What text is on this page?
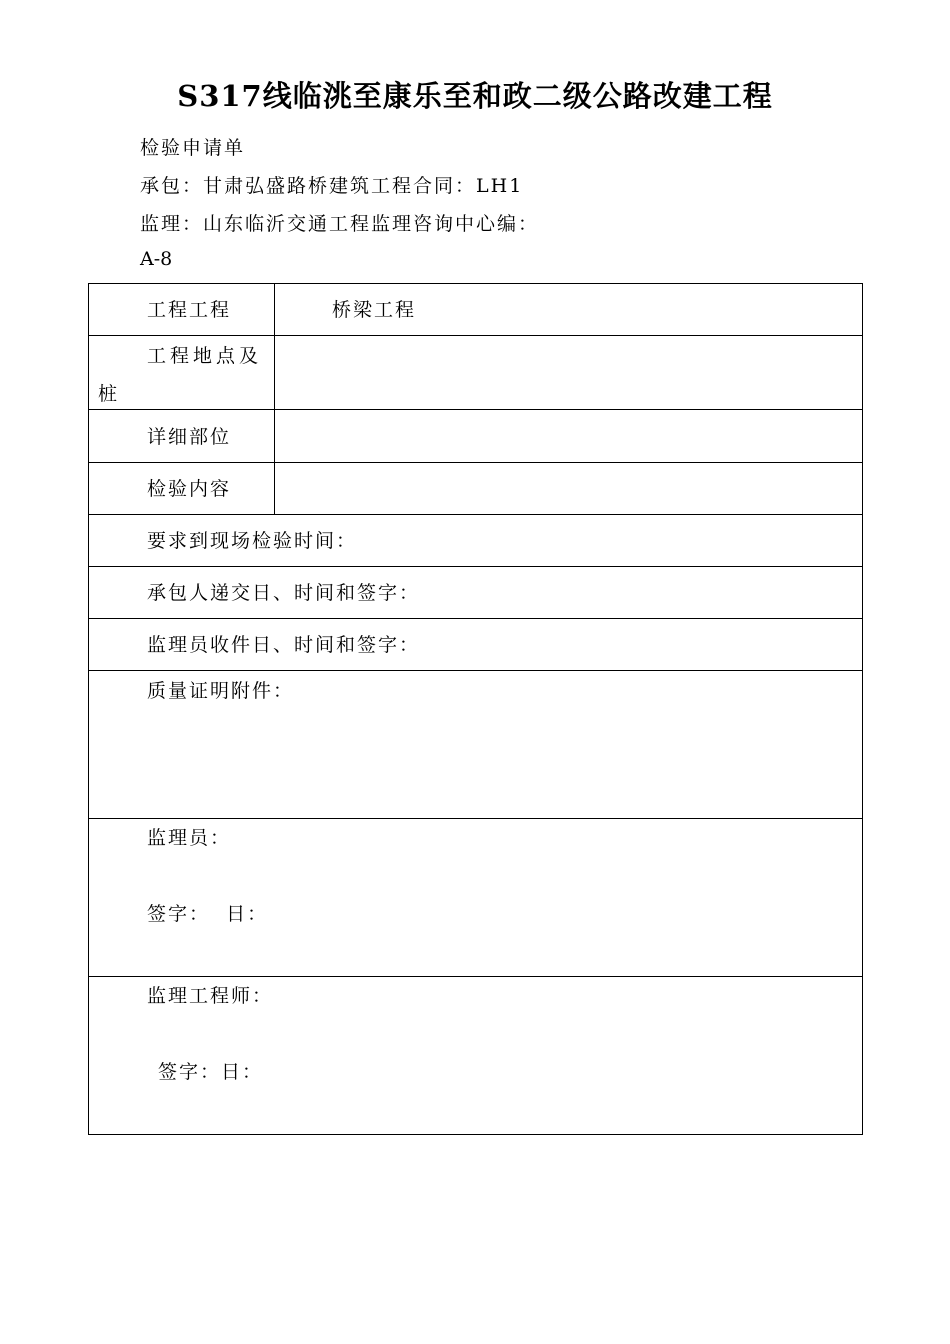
S317线临洮至康乐至和政二级公路改建工程
检验申请单
承包：甘肃弘盛路桥建筑工程合同：LH1
监理：山东临沂交通工程监理咨询中心编：
A-8
工程工程	桥梁工程

工程地点及
桩	

详细部位	

检验内容	

要求到现场检验时间：	

承包人递交日、时间和签字：	

监理员收件日、时间和签字：	

质量证明附件：	

监理员：
签字：  日：	

监理工程师：
签字：日：	
